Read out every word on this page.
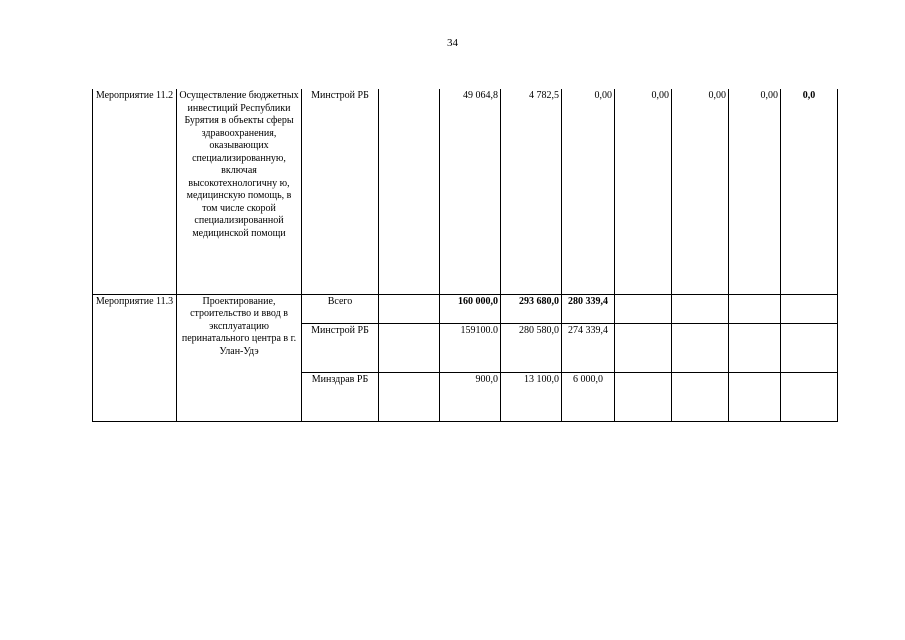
34
Мероприятие 11.2	Осуществление бюджетных инвестиций Республики Бурятия в объекты сферы здравоохранения, оказывающих специализированную, включая высокотехнологичну ю, медицинскую помощь, в том числе скорой специализированной медицинской помощи	Минстрой РБ		49 064,8	4 782,5	0,00	0,00	0,00	0,00	0,0
Мероприятие 11.3	Проектирование, строительство и ввод в эксплуатацию перинатального центра в г. Улан-Удэ	Всего		160 000,0	293 680,0	280 339,4				
		Минстрой РБ		159100.0	280 580,0	274 339,4				
		Минздрав РБ		900,0	13 100,0	6 000,0				
